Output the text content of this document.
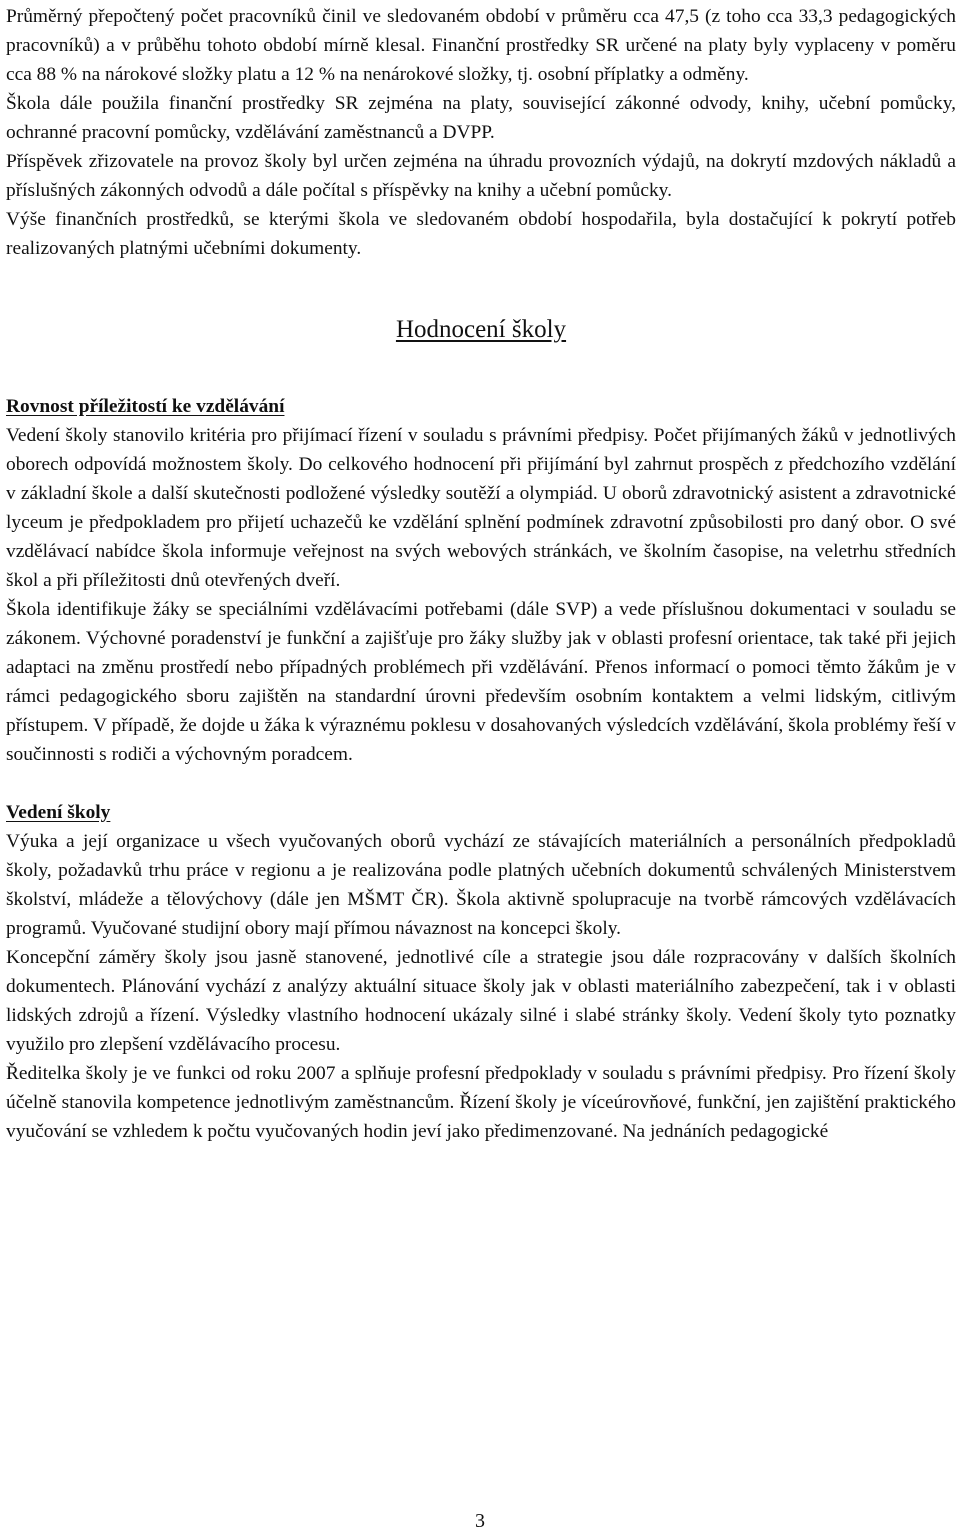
Průměrný přepočtený počet pracovníků činil ve sledovaném období v průměru cca 47,5 (z toho cca 33,3 pedagogických pracovníků) a v průběhu tohoto období mírně klesal. Finanční prostředky SR určené na platy byly vyplaceny v poměru cca 88 % na nárokové složky platu a 12 % na nenárokové složky, tj. osobní příplatky a odměny.

Škola dále použila finanční prostředky SR zejména na platy, související zákonné odvody, knihy, učební pomůcky, ochranné pracovní pomůcky, vzdělávání zaměstnanců a DVPP.

Příspěvek zřizovatele na provoz školy byl určen zejména na úhradu provozních výdajů, na dokrytí mzdových nákladů a příslušných zákonných odvodů a dále počítal s příspěvky na knihy a učební pomůcky.

Výše finančních prostředků, se kterými škola ve sledovaném období hospodařila, byla dostačující k pokrytí potřeb realizovaných platnými učebními dokumenty.

Hodnocení školy

Rovnost příležitostí ke vzdělávání

Vedení školy stanovilo kritéria pro přijímací řízení v souladu s právními předpisy. Počet přijímaných žáků v jednotlivých oborech odpovídá možnostem školy. Do celkového hodnocení při přijímání byl zahrnut prospěch z předchozího vzdělání v základní škole a další skutečnosti podložené výsledky soutěží a olympiád. U oborů zdravotnický asistent a zdravotnické lyceum je předpokladem pro přijetí uchazečů ke vzdělání splnění podmínek zdravotní způsobilosti pro daný obor. O své vzdělávací nabídce škola informuje veřejnost na svých webových stránkách, ve školním časopise, na veletrhu středních škol a při příležitosti dnů otevřených dveří.

Škola identifikuje žáky se speciálními vzdělávacími potřebami (dále SVP) a vede příslušnou dokumentaci v souladu se zákonem. Výchovné poradenství je funkční a zajišťuje pro žáky služby jak v oblasti profesní orientace, tak také při jejich adaptaci na změnu prostředí nebo případných problémech při vzdělávání. Přenos informací o pomoci těmto žákům je v rámci pedagogického sboru zajištěn na standardní úrovni především osobním kontaktem a velmi lidským, citlivým přístupem. V případě, že dojde u žáka k výraznému poklesu v dosahovaných výsledcích vzdělávání, škola problémy řeší v součinnosti s rodiči a výchovným poradcem.

Vedení školy

Výuka a její organizace u všech vyučovaných oborů vychází ze stávajících materiálních a personálních předpokladů školy, požadavků trhu práce v regionu a je realizována podle platných učebních dokumentů schválených Ministerstvem školství, mládeže a tělovýchovy (dále jen MŠMT ČR). Škola aktivně spolupracuje na tvorbě rámcových vzdělávacích programů. Vyučované studijní obory mají přímou návaznost na koncepci školy.

Koncepční záměry školy jsou jasně stanovené, jednotlivé cíle a strategie jsou dále rozpracovány v dalších školních dokumentech. Plánování vychází z analýzy aktuální situace školy jak v oblasti materiálního zabezpečení, tak i v oblasti lidských zdrojů a řízení. Výsledky vlastního hodnocení ukázaly silné i slabé stránky školy. Vedení školy tyto poznatky využilo pro zlepšení vzdělávacího procesu.

Ředitelka školy je ve funkci od roku 2007 a splňuje profesní předpoklady v souladu s právními předpisy. Pro řízení školy účelně stanovila kompetence jednotlivým zaměstnancům. Řízení školy je víceúrovňové, funkční, jen zajištění praktického vyučování se vzhledem k počtu vyučovaných hodin jeví jako předimenzované. Na jednáních pedagogické

3
